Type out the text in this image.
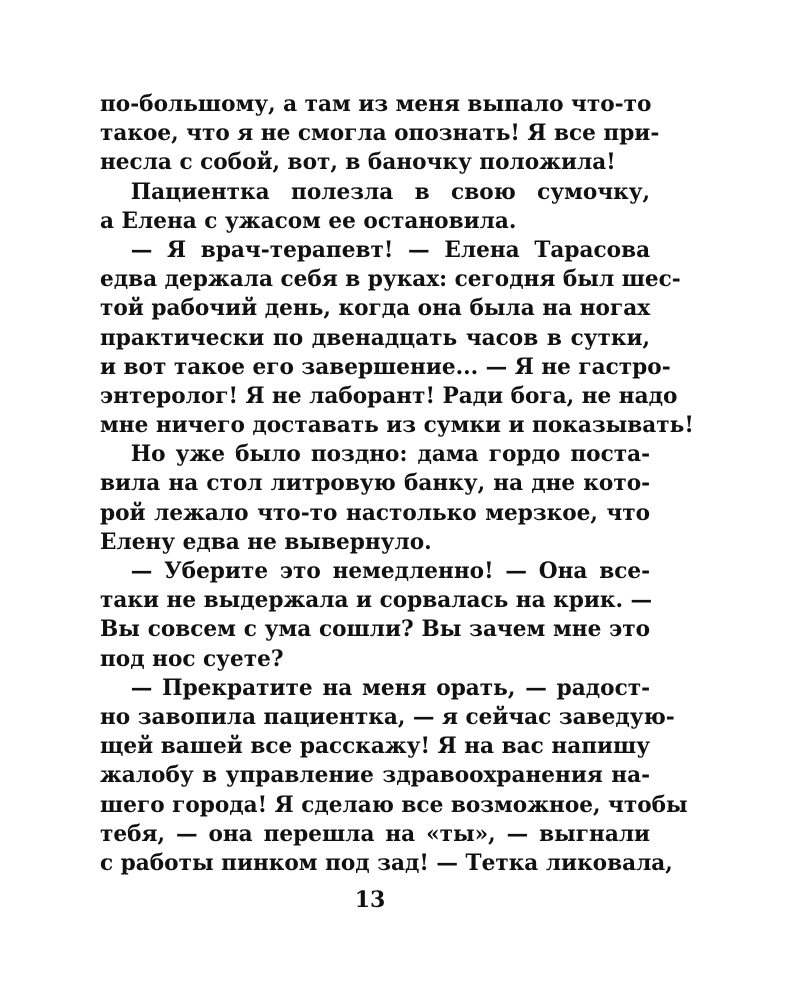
по-большому, а там из меня выпало что-то
такое, что я не смогла опознать! Я все при-
несла с собой, вот, в баночку положила!
Пациентка полезла в свою сумочку,
а Елена с ужасом ее остановила.
— Я врач-терапевт! — Елена Тарасова
едва держала себя в руках: сегодня был шес-
той рабочий день, когда она была на ногах
практически по двенадцать часов в сутки,
и вот такое его завершение... — Я не гастро-
энтеролог! Я не лаборант! Ради бога, не надо
мне ничего доставать из сумки и показывать!
Но уже было поздно: дама гордо поста-
вила на стол литровую банку, на дне кото-
рой лежало что-то настолько мерзкое, что
Елену едва не вывернуло.
— Уберите это немедленно! — Она все-
таки не выдержала и сорвалась на крик. —
Вы совсем с ума сошли? Вы зачем мне это
под нос суете?
— Прекратите на меня орать, — радост-
но завопила пациентка, — я сейчас заведую-
щей вашей все расскажу! Я на вас напишу
жалобу в управление здравоохранения на-
шего города! Я сделаю все возможное, чтобы
тебя, — она перешла на «ты», — выгнали
с работы пинком под зад! — Тетка ликовала,
13
